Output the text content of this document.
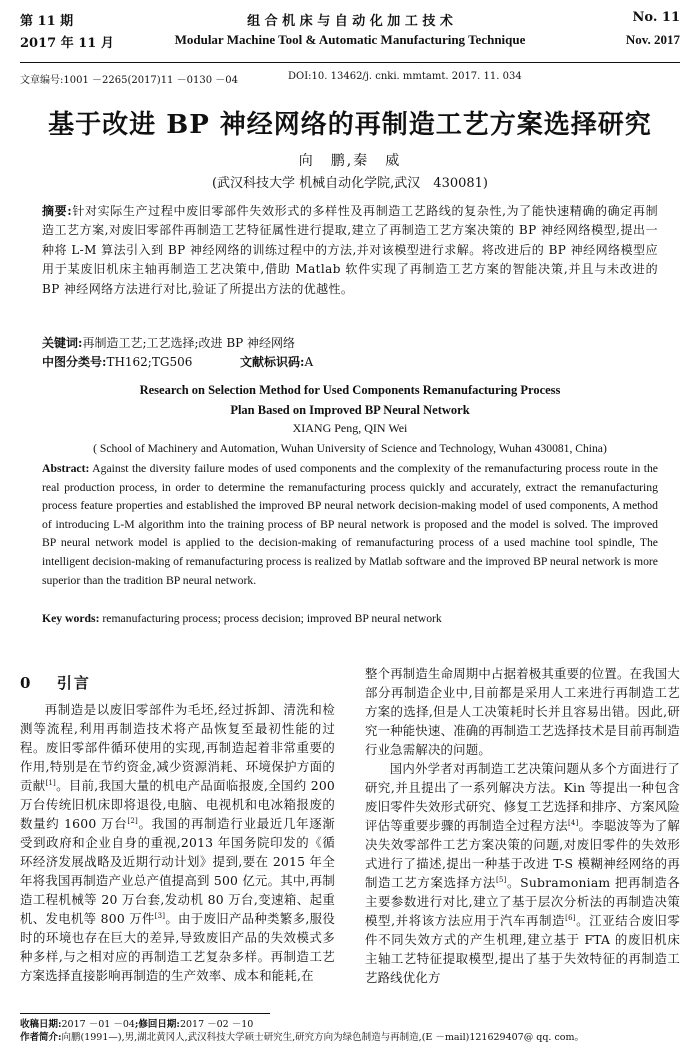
第 11 期	组 合 机 床 与 自 动 化 加 工 技 术	No. 11
2017 年 11 月	Modular Machine Tool & Automatic Manufacturing Technique	Nov. 2017
文章编号:1001 －2265(2017)11 －0130 －04	DOI:10. 13462/j. cnki. mmtamt. 2017. 11. 034
基于改进 BP 神经网络的再制造工艺方案选择研究
向　鹏,秦　威
(武汉科技大学 机械自动化学院,武汉　430081)
摘要:针对实际生产过程中废旧零部件失效形式的多样性及再制造工艺路线的复杂性,为了能快速精确的确定再制造工艺方案,对废旧零部件再制造工艺特征属性进行提取,建立了再制造工艺方案决策的 BP 神经网络模型,提出一种将 L-M 算法引入到 BP 神经网络的训练过程中的方法,并对该模型进行求解。将改进后的 BP 神经网络模型应用于某废旧机床主轴再制造工艺决策中,借助 Matlab 软件实现了再制造工艺方案的智能决策,并且与未改进的 BP 神经网络方法进行对比,验证了所提出方法的优越性。
关键词:再制造工艺;工艺选择;改进 BP 神经网络
中图分类号:TH162;TG506	文献标识码:A
Research on Selection Method for Used Components Remanufacturing Process
Plan Based on Improved BP Neural Network
XIANG Peng, QIN Wei
( School of Machinery and Automation, Wuhan University of Science and Technology, Wuhan 430081, China)
Abstract: Against the diversity failure modes of used components and the complexity of the remanufacturing process route in the real production process, in order to determine the remanufacturing process quickly and accurately, extract the remanufacturing process feature properties and established the improved BP neural network decision-making model of used components, A method of introducing L-M algorithm into the training process of BP neural network is proposed and the model is solved. The improved BP neural network model is applied to the decision-making of remanufacturing process of a used machine tool spindle, The intelligent decision-making of remanufacturing process is realized by Matlab software and the improved BP neural network is more superior than the tradition BP neural network.
Key words: remanufacturing process; process decision; improved BP neural network
0 引言
再制造是以废旧零部件为毛坯,经过拆卸、清洗和检测等流程,利用再制造技术将产品恢复至最初性能的过程。废旧零部件循环使用的实现,再制造起着非常重要的作用,特别是在节约资金,减少资源消耗、环境保护方面的贡献[1]。目前,我国大量的机电产品面临报废,全国约 200 万台传统旧机床即将退役,电脑、电视机和电冰箱报废的数量约 1600 万台[2]。我国的再制造行业最近几年逐渐受到政府和企业自身的重视,2013 年国务院印发的《循环经济发展战略及近期行动计划》提到,要在 2015 年全年将我国再制造产业总产值提高到 500 亿元。其中,再制造工程机械等 20 万台套,发动机 80 万台,变速箱、起重机、发电机等 800 万件[3]。由于废旧产品种类繁多,服役时的环境也存在巨大的差异,导致废旧产品的失效模式多种多样,与之相对应的再制造工艺复杂多样。再制造工艺方案选择直接影响再制造的生产效率、成本和能耗,在

整个再制造生命周期中占据着极其重要的位置。在我国大部分再制造企业中,目前都是采用人工来进行再制造工艺方案的选择,但是人工决策耗时长并且容易出错。因此,研究一种能快速、准确的再制造工艺选择技术是目前再制造行业急需解决的问题。

国内外学者对再制造工艺决策问题从多个方面进行了研究,并且提出了一系列解决方法。Kin 等提出一种包含废旧零件失效形式研究、修复工艺选择和排序、方案风险评估等重要步骤的再制造全过程方法[4]。李聪波等为了解决失效零部件工艺方案决策的问题,对废旧零件的失效形式进行了描述,提出一种基于改进 T-S 模糊神经网络的再制造工艺方案选择方法[5]。Subramoniam 把再制造各主要参数进行对比,建立了基于层次分析法的再制造决策模型,并将该方法应用于汽车再制造[6]。江亚结合废旧零件不同失效方式的产生机理,建立基于 FTA 的废旧机床主轴工艺特征提取模型,提出了基于失效特征的再制造工艺路线优化方

收稿日期:2017 －01 －04;修回日期:2017 －02 －10
作者简介:向鹏(1991—),男,湖北黄冈人,武汉科技大学硕士研究生,研究方向为绿色制造与再制造,(E －mail)121629407@ qq. com。
